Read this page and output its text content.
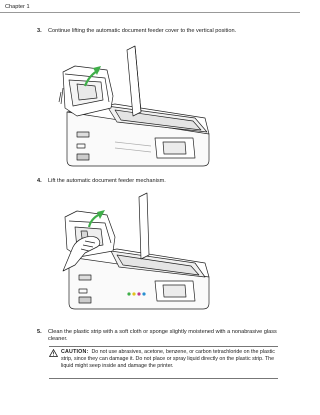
Chapter 1
3. Continue lifting the automatic document feeder cover to the vertical position.
4. Lift the automatic document feeder mechanism.
5. Clean the plastic strip with a soft cloth or sponge slightly moistened with a nonabrasive glass cleaner.
CAUTION: Do not use abrasives, acetone, benzene, or carbon tetrachloride on the plastic strip, since they can damage it. Do not place or spray liquid directly on the plastic strip. The liquid might seep inside and damage the printer.
